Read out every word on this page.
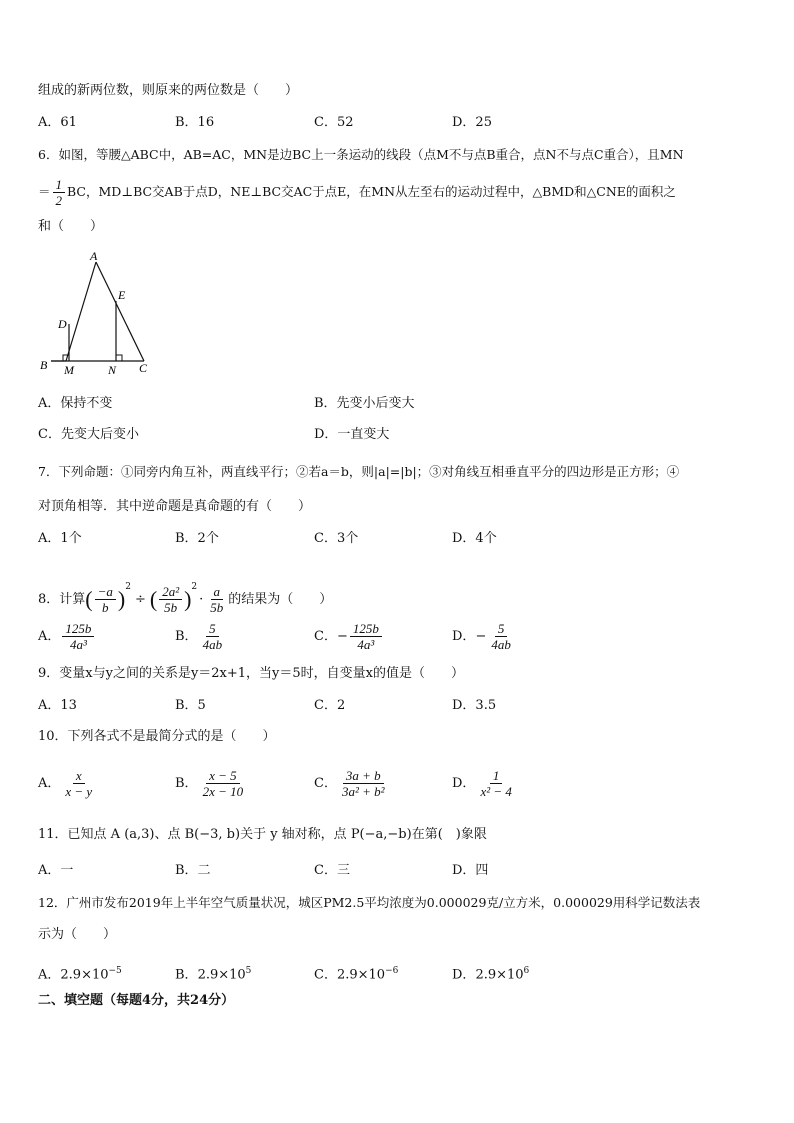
组成的新两位数，则原来的两位数是（　　）
A．61	B．16	C．52	D．25
6．如图，等腰△ABC中，AB=AC，MN是边BC上一条运动的线段（点M不与点B重合，点N不与点C重合），且MN
＝ $\frac{1}{2}$ BC，MD⊥BC交AB于点D，NE⊥BC交AC于点E，在MN从左至右的运动过程中，△BMD和△CNE的面积之
和（　　）
A
E
D
B M	N C
A．保持不变	B．先变小后变大
C．先变大后变小	D．一直变大
7．下列命题：①同旁内角互补，两直线平行；②若a＝b，则|a|=|b|；③对角线互相垂直平分的四边形是正方形；④
对顶角相等．其中逆命题是真命题的有（　　）
A．1个	B．2个	C．3个	D．4个
8．计算( $\frac{-a}{b} )^2\div$ ( $\frac{\text{2a²}}{5b} )^2\cdot \frac{a}{5b}$ 的结果为（　　）
A． $\frac{125b}{\text{4a³}}$	B． $\frac{5}{4ab}$	C．− $\frac{125b}{\text{4a³}}$	D．− $\frac{5}{4ab}$
9．变量x与y之间的关系是y＝2x+1，当y＝5时，自变量x的值是（　　）
A．13	B．5	C．2	D．3.5
10．下列各式不是最简分式的是（　　）
A． $\frac{x}{x - y}$	B． $\frac{x - 5}{2x - 10}$	C． $\frac{3a + b}{\text{3a² + b²}}$	D． $\frac{1}{\text{x² − 4}}$
11．已知点 A (a,3)、点 B(−3, b)关于 y 轴对称，点 P(−a,−b)在第(　)象限
A．一	B．二	C．三	D．四
12．广州市发布2019年上半年空气质量状况，城区PM2.5平均浓度为0.000029克/立方米，0.000029用科学记数法表
示为（　　）
A．$2.9\times 10^{-5}$	B．$2.9\times 10^5$	C．$2.9\times 10^{-6}$	D．$2.9\times 10^6$
二、填空题（每题4分，共24分）
